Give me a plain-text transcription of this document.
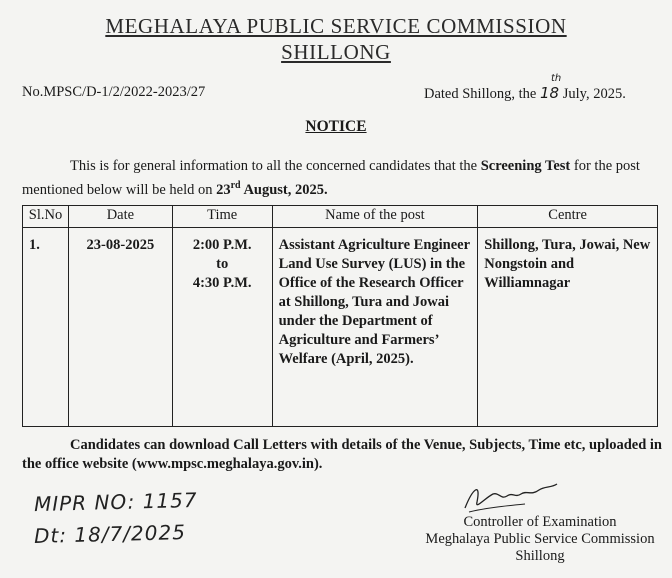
MEGHALAYA PUBLIC SERVICE COMMISSION
SHILLONG
No.MPSC/D-1/2/2022-2023/27	Dated Shillong, the 18
th
July, 2025.
NOTICE
This is for general information to all the concerned candidates that the Screening Test for the post mentioned below will be held on 23rd August, 2025.
Sl.No	Date	Time	Name of the post	Centre
1.	23-08-2025	2:00 P.M.
to
4:30 P.M.	Assistant Agriculture Engineer Land Use Survey (LUS) in the Office of the Research Officer at Shillong, Tura and Jowai under the Department of Agriculture and Farmers’ Welfare (April, 2025).	Shillong, Tura, Jowai, New Nongstoin and Williamnagar
Candidates can download Call Letters with details of the Venue, Subjects, Time etc, uploaded in the office website (www.mpsc.meghalaya.gov.in).
MIPR NO: 1157
Dt: 18/7/2025	Controller of Examination
Meghalaya Public Service Commission
Shillong
